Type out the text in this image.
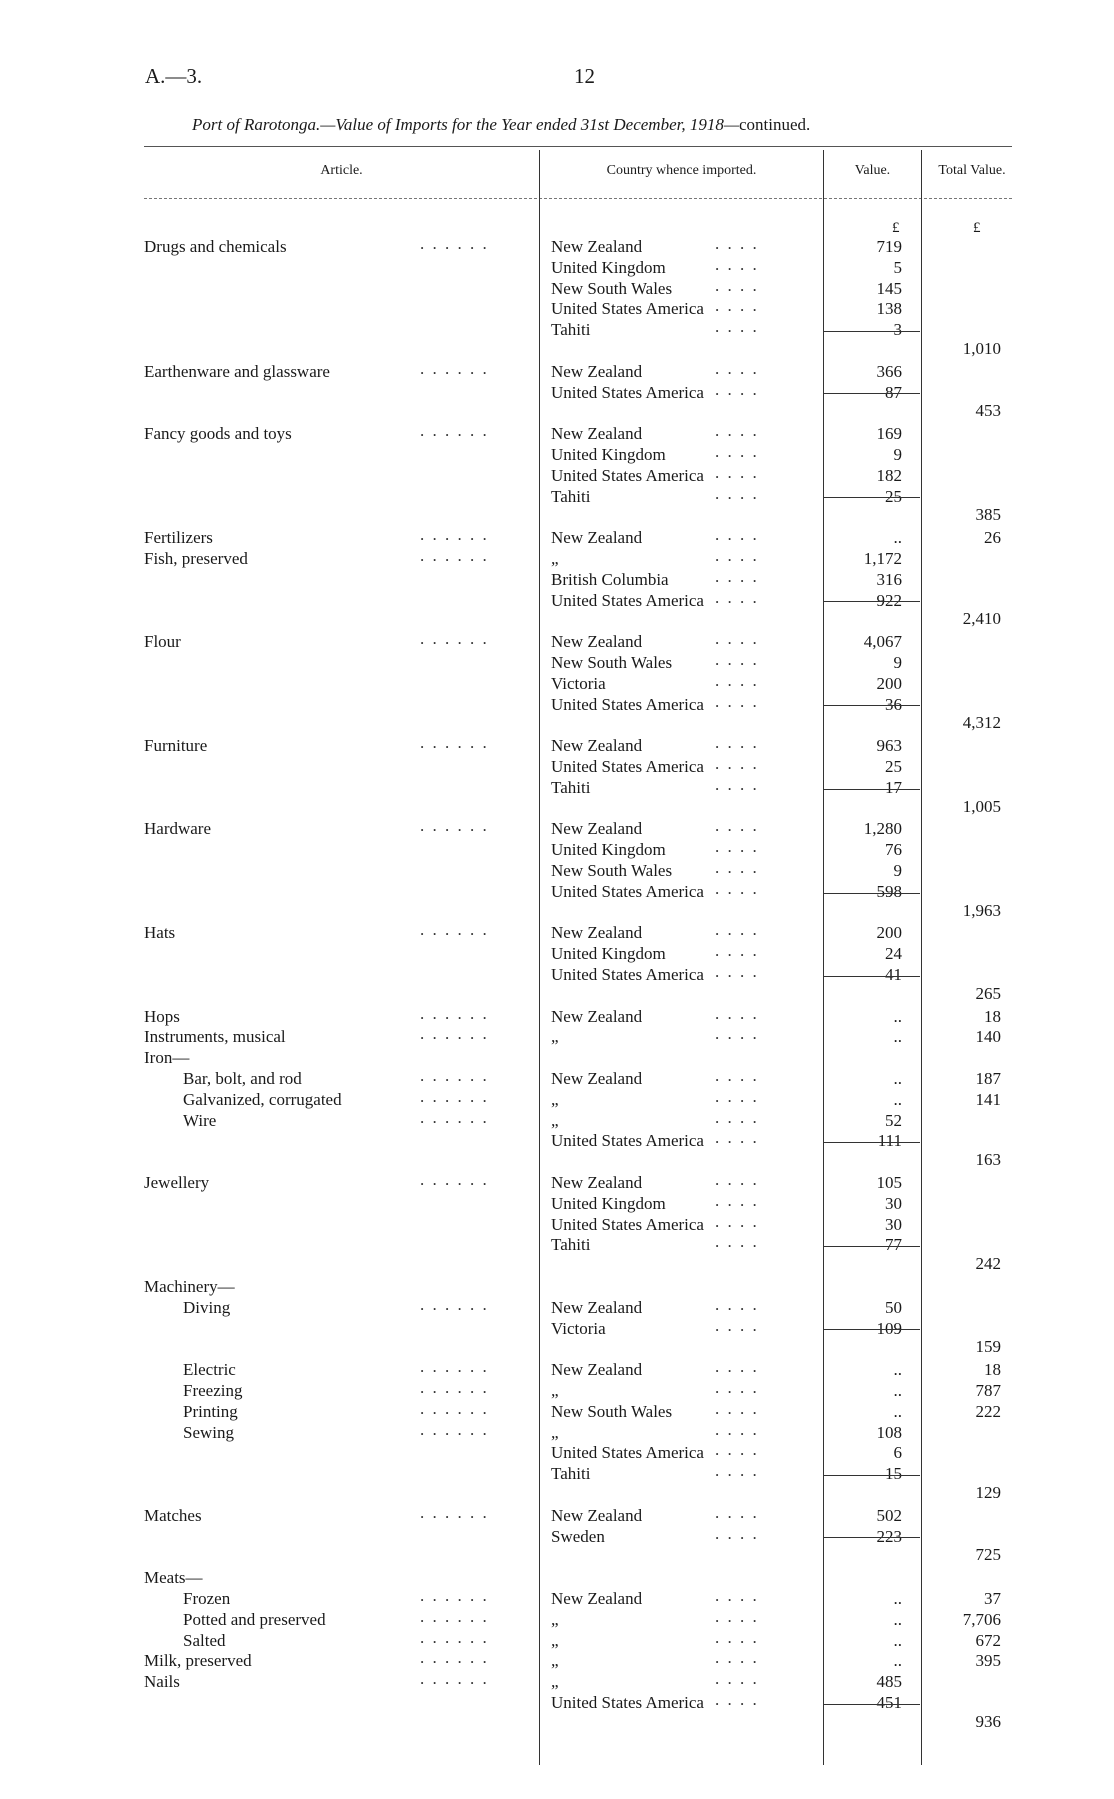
A.—3.	12
Port of Rarotonga.—Value of Imports for the Year ended 31st December, 1918—continued.
Article.	Country whence imported.	Value.	Total Value.
£	£
Drugs and chemicals	. . . . . .	New Zealand	. . . .	719
United Kingdom	. . . .	5
New South Wales	. . . .	145
United States America . . . .	138
Tahiti	. . . .	3
1,010
Earthenware and glassware	. . . . . .	New Zealand	. . . .	366
United States America . . . .	87
453
Fancy goods and toys	. . . . . .	New Zealand	. . . .	169
United Kingdom	. . . .	9
United States America . . . .	182
Tahiti	. . . .	25
385
Fertilizers	. . . . . .	New Zealand	. . . .	..	26
Fish, preserved	. . . . . .	„	. . . .	1,172
British Columbia	. . . .	316
United States America . . . .	922
2,410
Flour	. . . . . .	New Zealand	. . . .	4,067
New South Wales	. . . .	9
Victoria	. . . .	200
United States America . . . .	36
4,312
Furniture	. . . . . .	New Zealand	. . . .	963
United States America . . . .	25
Tahiti	. . . .	17
1,005
Hardware	. . . . . .	New Zealand	. . . .	1,280
United Kingdom	. . . .	76
New South Wales	. . . .	9
United States America . . . .	598
1,963
Hats	. . . . . .	New Zealand	. . . .	200
United Kingdom	. . . .	24
United States America . . . .	41
265
Hops	. . . . . .	New Zealand	. . . .	..	18
Instruments, musical	. . . . . .	„	. . . .	..	140
Iron—
Bar, bolt, and rod	. . . . . .	New Zealand	. . . .	..	187
Galvanized, corrugated	. . . . . .	„	. . . .	..	141
Wire	. . . . . .	„	. . . .	52
United States America . . . .	111
163
Jewellery	. . . . . .	New Zealand	. . . .	105
United Kingdom	. . . .	30
United States America . . . .	30
Tahiti	. . . .	77
242
Machinery—
Diving	. . . . . .	New Zealand	. . . .	50
Victoria	. . . .	109
159
Electric	. . . . . .	New Zealand	. . . .	..	18
Freezing	. . . . . .	„	. . . .	..	787
Printing	. . . . . .	New South Wales	. . . .	..	222
Sewing	. . . . . .	„	. . . .	108
United States America . . . .	6
Tahiti	. . . .	15
129
Matches	. . . . . .	New Zealand	. . . .	502
Sweden	. . . .	223
725
Meats—
Frozen	. . . . . .	New Zealand	. . . .	..	37
Potted and preserved	. . . . . .	„	. . . .	..	7,706
Salted	. . . . . .	„	. . . .	..	672
Milk, preserved	. . . . . .	„	. . . .	..	395
Nails	. . . . . .	„	. . . .	485
United States America . . . .	451
936
